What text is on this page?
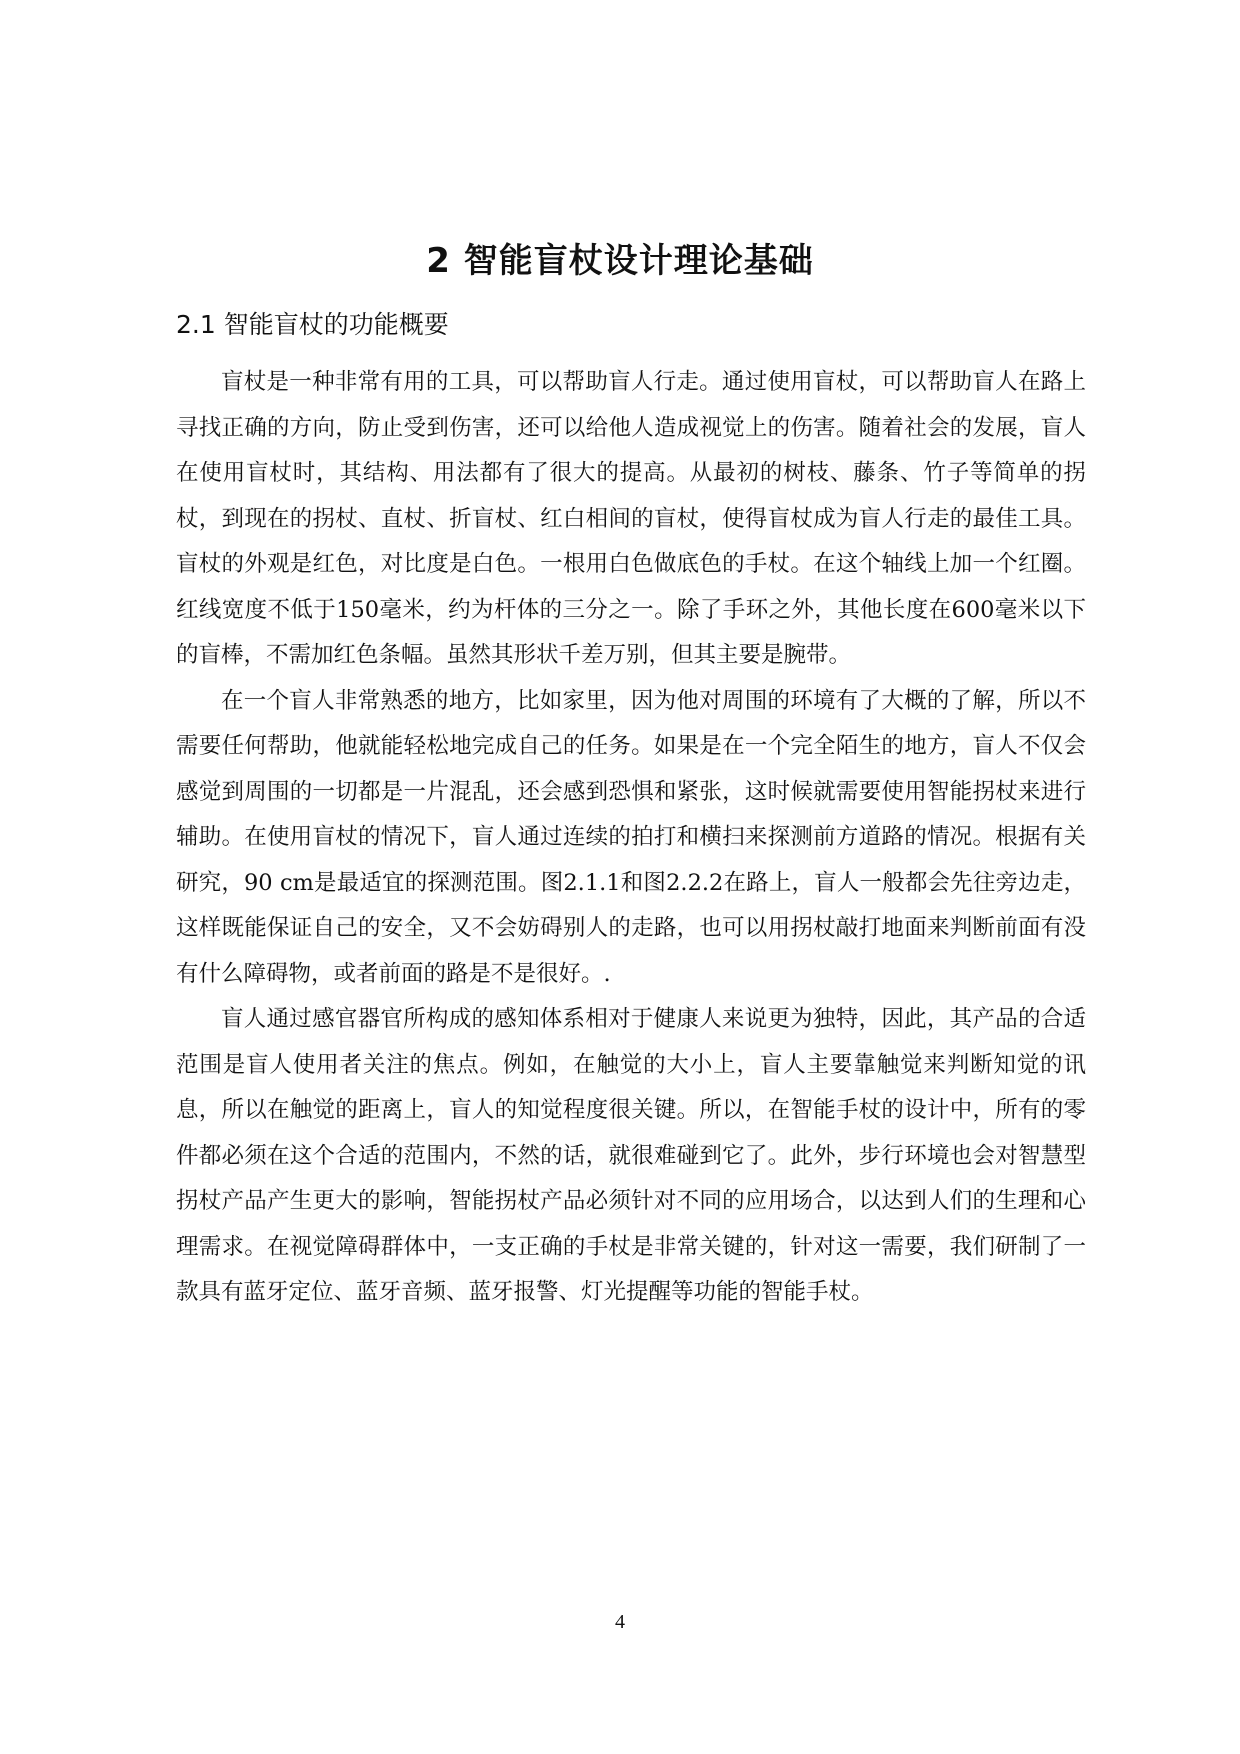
2 智能盲杖设计理论基础
2.1 智能盲杖的功能概要

盲杖是一种非常有用的工具，可以帮助盲人行走。通过使用盲杖，可以帮助盲人在路上寻找正确的方向，防止受到伤害，还可以给他人造成视觉上的伤害。随着社会的发展，盲人在使用盲杖时，其结构、用法都有了很大的提高。从最初的树枝、藤条、竹子等简单的拐杖，到现在的拐杖、直杖、折盲杖、红白相间的盲杖，使得盲杖成为盲人行走的最佳工具。盲杖的外观是红色，对比度是白色。一根用白色做底色的手杖。在这个轴线上加一个红圈。红线宽度不低于150毫米，约为杆体的三分之一。除了手环之外，其他长度在600毫米以下的盲棒，不需加红色条幅。虽然其形状千差万别，但其主要是腕带。

在一个盲人非常熟悉的地方，比如家里，因为他对周围的环境有了大概的了解，所以不需要任何帮助，他就能轻松地完成自己的任务。如果是在一个完全陌生的地方，盲人不仅会感觉到周围的一切都是一片混乱，还会感到恐惧和紧张，这时候就需要使用智能拐杖来进行辅助。在使用盲杖的情况下，盲人通过连续的拍打和横扫来探测前方道路的情况。根据有关研究，90 cm是最适宜的探测范围。图2.1.1和图2.2.2在路上，盲人一般都会先往旁边走，这样既能保证自己的安全，又不会妨碍别人的走路，也可以用拐杖敲打地面来判断前面有没有什么障碍物，或者前面的路是不是很好。.

盲人通过感官器官所构成的感知体系相对于健康人来说更为独特，因此，其产品的合适范围是盲人使用者关注的焦点。例如，在触觉的大小上，盲人主要靠触觉来判断知觉的讯息，所以在触觉的距离上，盲人的知觉程度很关键。所以，在智能手杖的设计中，所有的零件都必须在这个合适的范围内，不然的话，就很难碰到它了。此外，步行环境也会对智慧型拐杖产品产生更大的影响，智能拐杖产品必须针对不同的应用场合，以达到人们的生理和心理需求。在视觉障碍群体中，一支正确的手杖是非常关键的，针对这一需要，我们研制了一款具有蓝牙定位、蓝牙音频、蓝牙报警、灯光提醒等功能的智能手杖。

4
